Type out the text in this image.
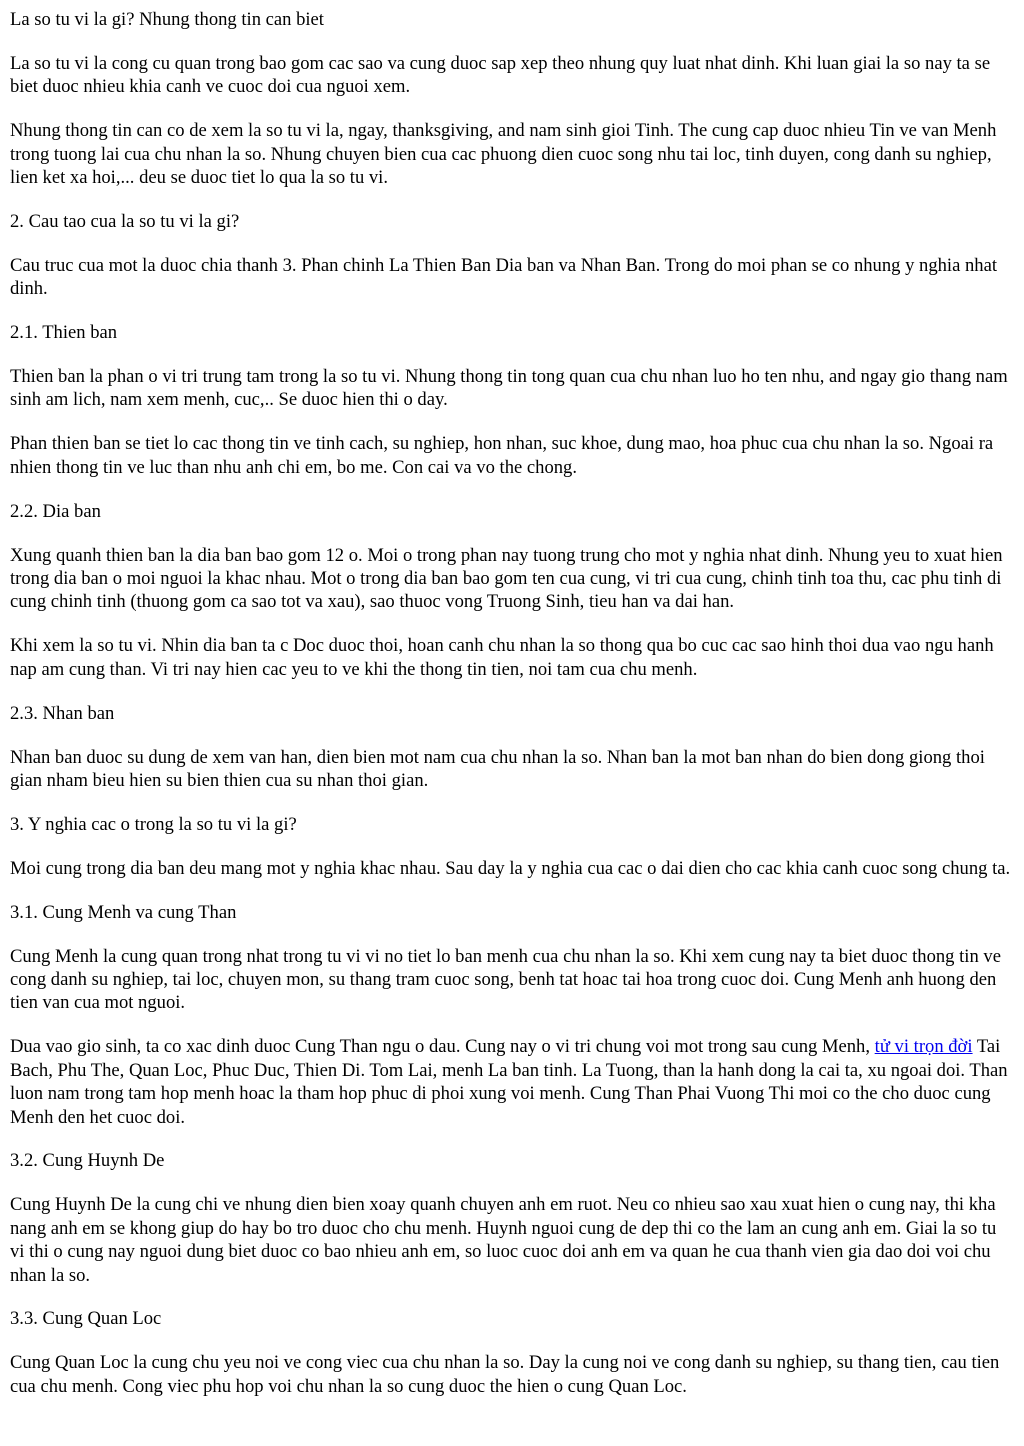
La so tu vi la gi? Nhung thong tin can biet

La so tu vi la cong cu quan trong bao gom cac sao va cung duoc sap xep theo nhung quy luat nhat dinh. Khi luan giai la so nay ta se biet duoc nhieu khia canh ve cuoc doi cua nguoi xem.

Nhung thong tin can co de xem la so tu vi la, ngay, thanksgiving, and nam sinh gioi Tinh. The cung cap duoc nhieu Tin ve van Menh trong tuong lai cua chu nhan la so. Nhung chuyen bien cua cac phuong dien cuoc song nhu tai loc, tinh duyen, cong danh su nghiep, lien ket xa hoi,... deu se duoc tiet lo qua la so tu vi.

2. Cau tao cua la so tu vi la gi?

Cau truc cua mot la duoc chia thanh 3. Phan chinh La Thien Ban Dia ban va Nhan Ban. Trong do moi phan se co nhung y nghia nhat dinh.

2.1. Thien ban

Thien ban la phan o vi tri trung tam trong la so tu vi. Nhung thong tin tong quan cua chu nhan luo ho ten nhu, and ngay gio thang nam sinh am lich, nam xem menh, cuc,.. Se duoc hien thi o day.

Phan thien ban se tiet lo cac thong tin ve tinh cach, su nghiep, hon nhan, suc khoe, dung mao, hoa phuc cua chu nhan la so. Ngoai ra nhien thong tin ve luc than nhu anh chi em, bo me. Con cai va vo the chong.

2.2. Dia ban

Xung quanh thien ban la dia ban bao gom 12 o. Moi o trong phan nay tuong trung cho mot y nghia nhat dinh. Nhung yeu to xuat hien trong dia ban o moi nguoi la khac nhau. Mot o trong dia ban bao gom ten cua cung, vi tri cua cung, chinh tinh toa thu, cac phu tinh di cung chinh tinh (thuong gom ca sao tot va xau), sao thuoc vong Truong Sinh, tieu han va dai han.

Khi xem la so tu vi. Nhin dia ban ta c Doc duoc thoi, hoan canh chu nhan la so thong qua bo cuc cac sao hinh thoi dua vao ngu hanh nap am cung than. Vi tri nay hien cac yeu to ve khi the thong tin tien, noi tam cua chu menh.

2.3. Nhan ban

Nhan ban duoc su dung de xem van han, dien bien mot nam cua chu nhan la so. Nhan ban la mot ban nhan do bien dong giong thoi gian nham bieu hien su bien thien cua su nhan thoi gian.

3. Y nghia cac o trong la so tu vi la gi?

Moi cung trong dia ban deu mang mot y nghia khac nhau. Sau day la y nghia cua cac o dai dien cho cac khia canh cuoc song chung ta.

3.1. Cung Menh va cung Than

Cung Menh la cung quan trong nhat trong tu vi vi no tiet lo ban menh cua chu nhan la so. Khi xem cung nay ta biet duoc thong tin ve cong danh su nghiep, tai loc, chuyen mon, su thang tram cuoc song, benh tat hoac tai hoa trong cuoc doi. Cung Menh anh huong den tien van cua mot nguoi.

Dua vao gio sinh, ta co xac dinh duoc Cung Than ngu o dau. Cung nay o vi tri chung voi mot trong sau cung Menh, tử vi trọn đời Tai Bach, Phu The, Quan Loc, Phuc Duc, Thien Di. Tom Lai, menh La ban tinh. La Tuong, than la hanh dong la cai ta, xu ngoai doi. Than luon nam trong tam hop menh hoac la tham hop phuc di phoi xung voi menh. Cung Than Phai Vuong Thi moi co the cho duoc cung Menh den het cuoc doi.

3.2. Cung Huynh De

Cung Huynh De la cung chi ve nhung dien bien xoay quanh chuyen anh em ruot. Neu co nhieu sao xau xuat hien o cung nay, thi kha nang anh em se khong giup do hay bo tro duoc cho chu menh. Huynh nguoi cung de dep thi co the lam an cung anh em. Giai la so tu vi thi o cung nay nguoi dung biet duoc co bao nhieu anh em, so luoc cuoc doi anh em va quan he cua thanh vien gia dao doi voi chu nhan la so.

3.3. Cung Quan Loc

Cung Quan Loc la cung chu yeu noi ve cong viec cua chu nhan la so. Day la cung noi ve cong danh su nghiep, su thang tien, cau tien cua chu menh. Cong viec phu hop voi chu nhan la so cung duoc the hien o cung Quan Loc.
